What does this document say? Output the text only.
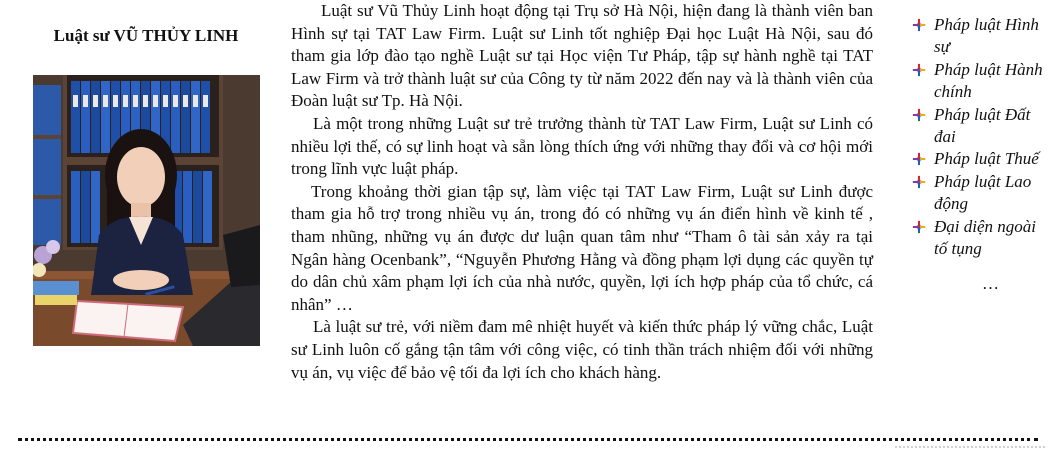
Luật sư VŨ THỦY LINH

Luật sư Vũ Thủy Linh hoạt động tại Trụ sở Hà Nội, hiện đang là thành viên ban Hình sự tại TAT Law Firm. Luật sư Linh tốt nghiệp Đại học Luật Hà Nội, sau đó tham gia lớp đào tạo nghề Luật sư tại Học viện Tư Pháp, tập sự hành nghề tại TAT Law Firm và trở thành luật sư của Công ty từ năm 2022 đến nay và là thành viên của Đoàn luật sư Tp. Hà Nội.

Là một trong những Luật sư trẻ trưởng thành từ TAT Law Firm, Luật sư Linh có nhiều lợi thế, có sự linh hoạt và sẵn lòng thích ứng với những thay đổi và cơ hội mới trong lĩnh vực luật pháp.

Trong khoảng thời gian tập sự, làm việc tại TAT Law Firm, Luật sư Linh được tham gia hỗ trợ trong nhiều vụ án, trong đó có những vụ án điển hình về kinh tế , tham nhũng, những vụ án được dư luận quan tâm như “Tham ô tài sản xảy ra tại Ngân hàng Ocenbank”, “Nguyễn Phương Hằng và đồng phạm lợi dụng các quyền tự do dân chủ xâm phạm lợi ích của nhà nước, quyền, lợi ích hợp pháp của tổ chức, cá nhân” …

Là luật sư trẻ, với niềm đam mê nhiệt huyết và kiến thức pháp lý vững chắc, Luật sư Linh luôn cố gắng tận tâm với công việc, có tinh thần trách nhiệm đối với những vụ án, vụ việc để bảo vệ tối đa lợi ích cho khách hàng.

Pháp luật Hình sự
Pháp luật Hành chính
Pháp luật Đất đai
Pháp luật Thuế
Pháp luật Lao động
Đại diện ngoài tố tụng
…
